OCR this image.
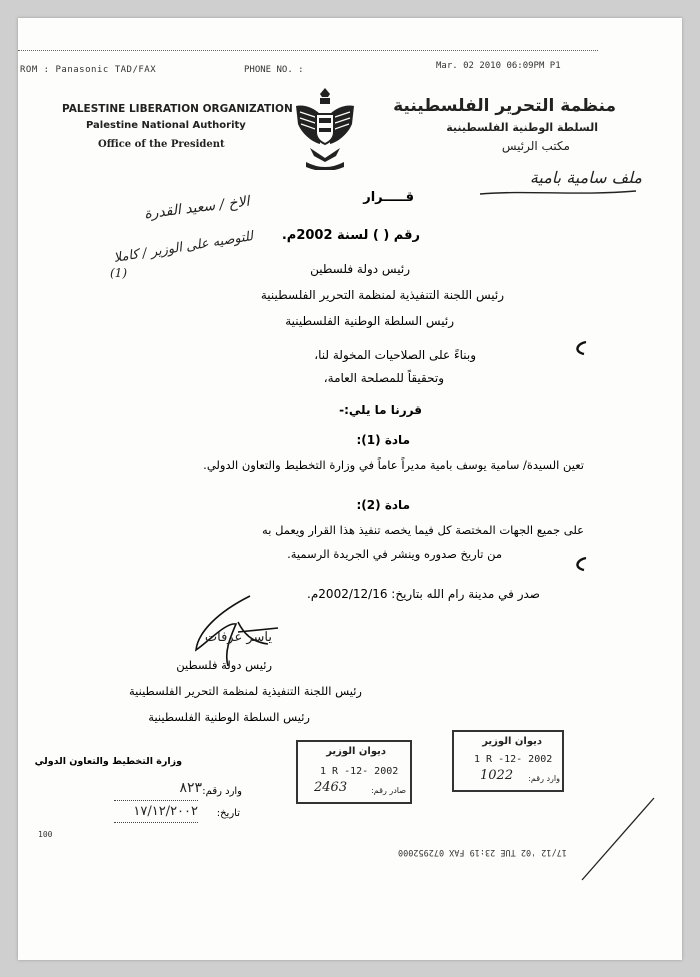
ROM : Panasonic TAD/FAX	PHONE NO. :	Mar. 02 2010 06:09PM P1
PALESTINE LIBERATION ORGANIZATION
Palestine National Authority
Office of the President
منظمة التحرير الفلسطينية
السلطة الوطنية الفلسطينية
مكتب الرئيس
ملف سامية بامية
الاخ / سعيد القدرة
للتوصيه على الوزير / كاملا
(1)
قـــــرار
رقم ( ) لسنة 2002م.
رئيس دولة فلسطين
رئيس اللجنة التنفيذية لمنظمة التحرير الفلسطينية
رئيس السلطة الوطنية الفلسطينية
وبناءً على الصلاحيات المخولة لنا،
وتحقيقاً للمصلحة العامة،
قررنا ما يلي:-
مادة (1):
تعين السيدة/ سامية يوسف بامية مديراً عاماً في وزارة التخطيط والتعاون الدولي.
مادة (2):
على جميع الجهات المختصة كل فيما يخصه تنفيذ هذا القرار ويعمل به
من تاريخ صدوره وينشر في الجريدة الرسمية.
صدر في مدينة رام الله بتاريخ: 2002/12/16م.
ياسر عرفات
رئيس دولة فلسطين
رئيس اللجنة التنفيذية لمنظمة التحرير الفلسطينية
رئيس السلطة الوطنية الفلسطينية
وزارة التخطيط والتعاون الدولي
وارد رقم:
٨٢٣
تاريخ:
١٧/١٢/٢٠٠٢
ديوان الوزير
1 R -12- 2002
صادر رقم:
2463
ديوان الوزير
1 R -12- 2002
وارد رقم:
1022
100
17/12 '02 TUE 23:19 FAX 072952000
